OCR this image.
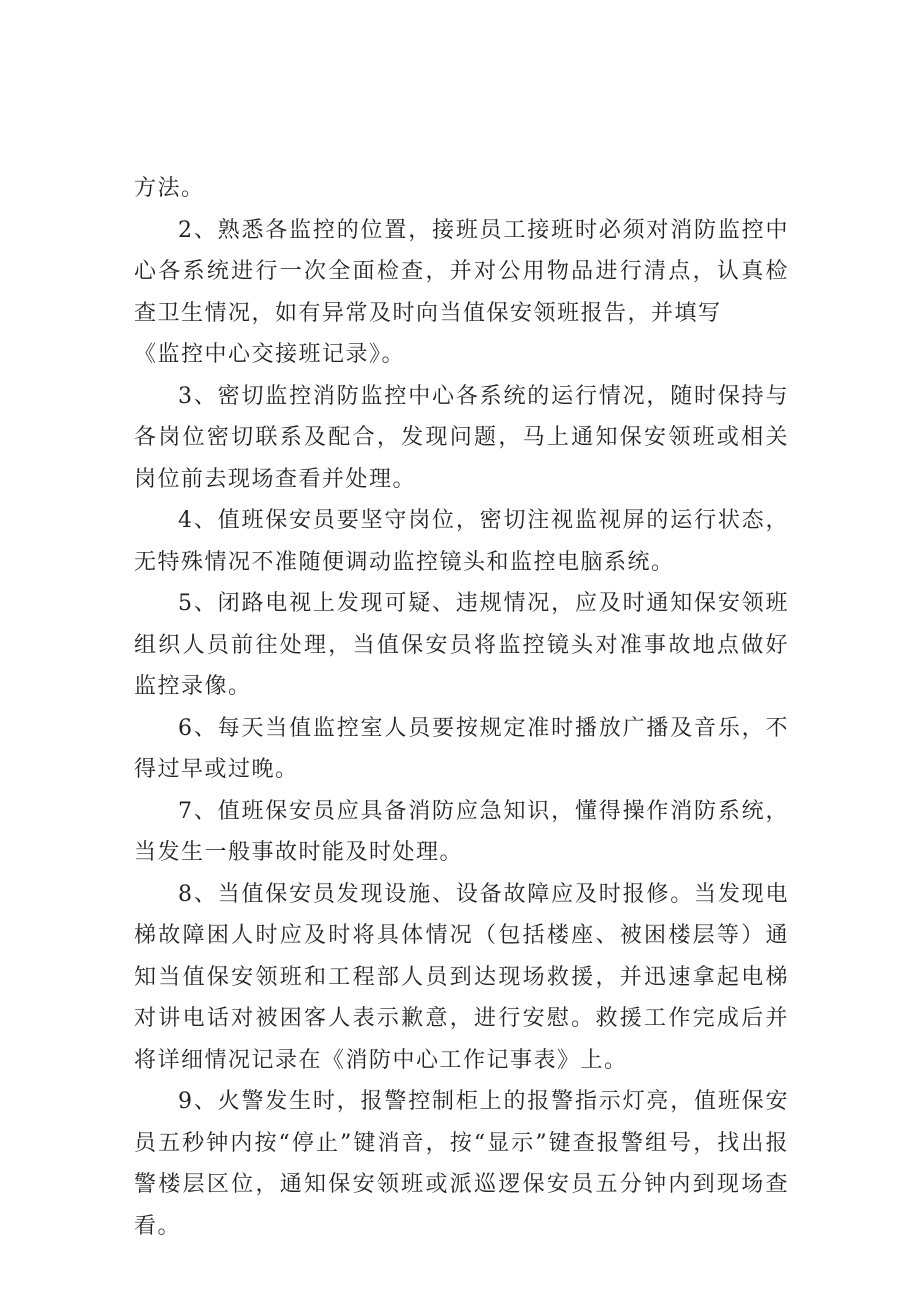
方法。

2、熟悉各监控的位置，接班员工接班时必须对消防监控中心各系统进行一次全面检查，并对公用物品进行清点，认真检查卫生情况，如有异常及时向当值保安领班报告，并填写

《监控中心交接班记录》。

3、密切监控消防监控中心各系统的运行情况，随时保持与各岗位密切联系及配合，发现问题，马上通知保安领班或相关岗位前去现场查看并处理。

4、值班保安员要坚守岗位，密切注视监视屏的运行状态，无特殊情况不准随便调动监控镜头和监控电脑系统。

5、闭路电视上发现可疑、违规情况，应及时通知保安领班组织人员前往处理，当值保安员将监控镜头对准事故地点做好监控录像。

6、每天当值监控室人员要按规定准时播放广播及音乐，不得过早或过晚。

7、值班保安员应具备消防应急知识，懂得操作消防系统，当发生一般事故时能及时处理。

8、当值保安员发现设施、设备故障应及时报修。当发现电梯故障困人时应及时将具体情况（包括楼座、被困楼层等）通知当值保安领班和工程部人员到达现场救援，并迅速拿起电梯对讲电话对被困客人表示歉意，进行安慰。救援工作完成后并将详细情况记录在《消防中心工作记事表》上。

9、火警发生时，报警控制柜上的报警指示灯亮，值班保安员五秒钟内按“停止”键消音，按“显示”键查报警组号，找出报警楼层区位，通知保安领班或派巡逻保安员五分钟内到现场查看。
